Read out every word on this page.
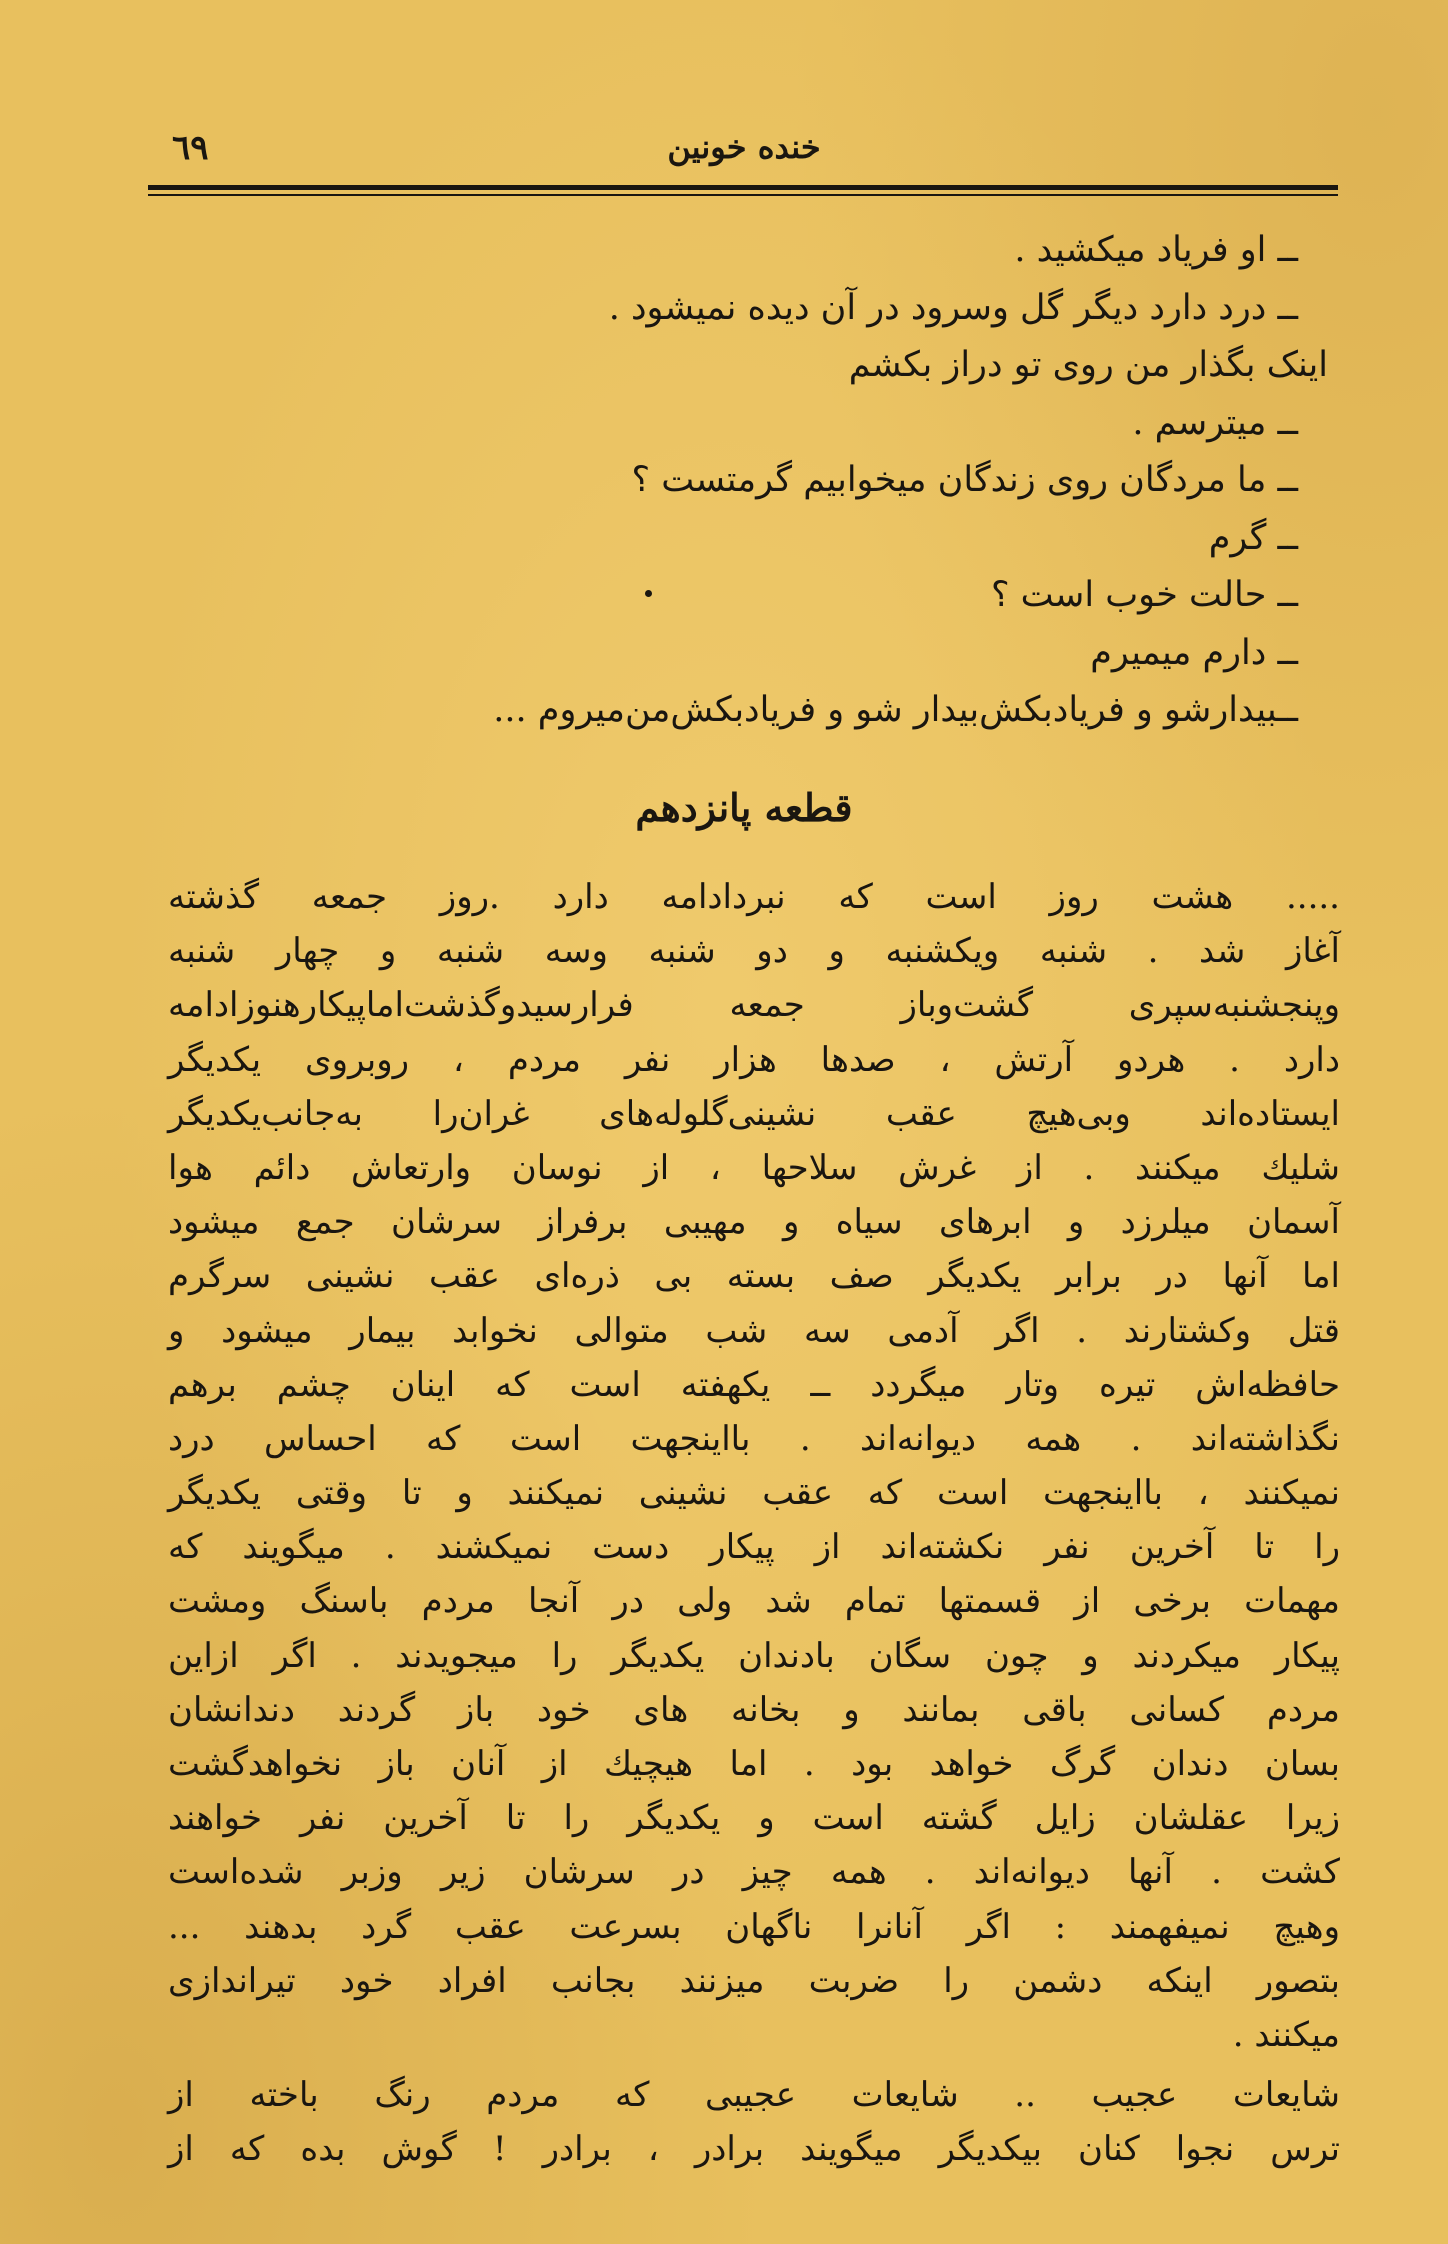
٦٩	خنده خونین
ــ او فریاد میکشید .
ــ درد دارد دیگر گل وسرود در آن دیده نمیشود .
اینک بگذار من روی تو دراز بکشم
ــ میترسم .
ــ ما مردگان روی زندگان میخوابیم گرمتست ؟
ــ گرم
ــ حالت خوب است ؟
ــ دارم میمیرم
ــبیدارشو و فریادبکش‌بیدار شو و فریادبکش‌من‌میروم ...
قطعه پانزدهم
..... هشت روز است که نبردادامه دارد .روز جمعه گذشته
آغاز شد . شنبه ویکشنبه و دو شنبه وسه شنبه و چهار شنبه
وپنجشنبه‌سپری گشت‌وباز جمعه فرارسیدوگذشت‌اماپیکارهنوزادامه
دارد . هردو آرتش ، صدها هزار نفر مردم ، روبروی یکدیگر
ایستاده‌اند وبی‌هیچ عقب نشینی‌گلوله‌های غران‌را به‌جانب‌یکدیگر
شلیك میکنند . از غرش سلاحها ، از نوسان وارتعاش دائم هوا
آسمان میلرزد و ابرهای سیاه و مهیبی برفراز سرشان جمع میشود
اما آنها در برابر یکدیگر صف بسته بی ذره‌ای عقب نشینی سرگرم
قتل وکشتارند . اگر آدمی سه شب متوالی نخوابد بیمار میشود و
حافظه‌اش تیره وتار میگردد ــ یکهفته است که اینان چشم برهم
نگذاشته‌اند . همه دیوانه‌اند . بااینجهت است که احساس درد
نمیکنند ، بااینجهت است که عقب نشینی نمیکنند و تا وقتی یکدیگر
را تا آخرین نفر نکشته‌اند از پیکار دست نمیکشند . میگویند که
مهمات برخی از قسمتها تمام شد ولی در آنجا مردم باسنگ ومشت
پیکار میکردند و چون سگان بادندان یکدیگر را میجویدند . اگر ازاین
مردم کسانی باقی بمانند و بخانه های خود باز گردند دندانشان
بسان دندان گرگ خواهد بود . اما هیچیك از آنان باز نخواهدگشت
زیرا عقلشان زایل گشته است و یکدیگر را تا آخرین نفر خواهند
کشت . آنها دیوانه‌اند . همه چیز در سرشان زیر وزبر شده‌است
وهیچ نمیفهمند : اگر آنانرا ناگهان بسرعت عقب گرد بدهند ...
بتصور اینکه دشمن را ضربت میزنند بجانب افراد خود تیراندازی
میکنند .
شایعات عجیب .. شایعات عجیبی که مردم رنگ باخته از
ترس نجوا کنان بیکدیگر میگویند برادر ، برادر ! گوش بده که از
